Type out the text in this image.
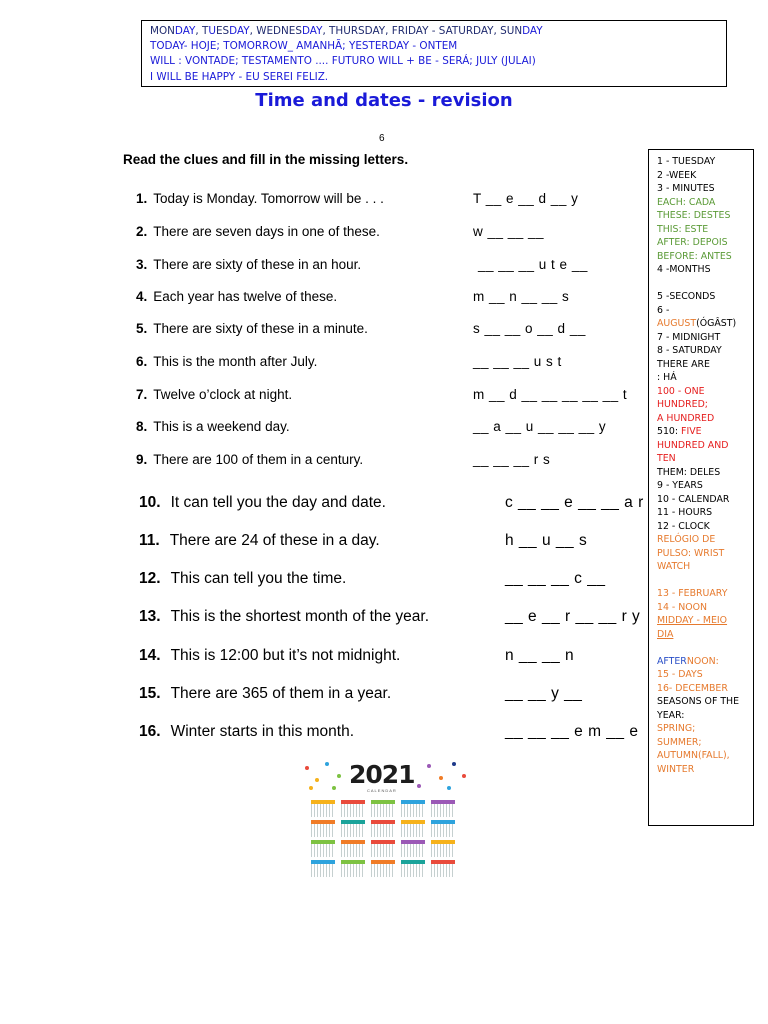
MONDAY, TUESDAY, WEDNESDAY, THURSDAY, FRIDAY - SATURDAY, SUNDAY
TODAY- HOJE; TOMORROW_ AMANHÃ; YESTERDAY - ONTEM
WILL : VONTADE; TESTAMENTO .... FUTURO WILL + BE - SERÁ; JULY (JULAI)
I WILL BE HAPPY - EU SEREI FELIZ.
Time and dates - revision
6
Read the clues and fill in the missing letters.
1. Today is Monday. Tomorrow will be . . .	T __ e __ d __ y
2. There are seven days in one of these.	w __ __ __
3. There are sixty of these in an hour.	__ __ __ u t e __
4. Each year has twelve of these.	m __ n __ __ s
5. There are sixty of these in a minute.	s __ __ o __ d __
6. This is the month after July.	__ __ __ u s t
7. Twelve o’clock at night.	m __ d __ __ __ __ __ t
8. This is a weekend day.	__ a __ u __ __ __ y
9. There are 100 of them in a century.	__ __ __ r s
10. It can tell you the day and date.	c __ __ e __ __ a r
11. There are 24 of these in a day.	h __ u __ s
12. This can tell you the time.	__ __ __ c __
13. This is the shortest month of the year.	__ e __ r __ __ r y
14. This is 12:00 but it’s not midnight.	n __ __ n
15. There are 365 of them in a year.	__ __ y __
16. Winter starts in this month.	__ __ __ e m __ e
1 - TUESDAY
2 -WEEK
3 - MINUTES
EACH: CADA
THESE: DESTES
THIS: ESTE
AFTER: DEPOIS
BEFORE: ANTES
4 -MONTHS
5 -SECONDS
6 -
AUGUST(ÓGÂST)
7 - MIDNIGHT
8 - SATURDAY
THERE ARE
: HÁ
100 - ONE
HUNDRED;
A HUNDRED
510: FIVE
HUNDRED AND
TEN
THEM: DELES
9 - YEARS
10 - CALENDAR
11 - HOURS
12 - CLOCK
RELÓGIO DE
PULSO: WRIST
WATCH
13 - FEBRUARY
14 - NOON
MIDDAY - MEIO
DIA
AFTERNOON:
15 - DAYS
16- DECEMBER
SEASONS OF THE
YEAR:
SPRING;
SUMMER;
AUTUMN(FALL),
WINTER
2021
CALENDAR
